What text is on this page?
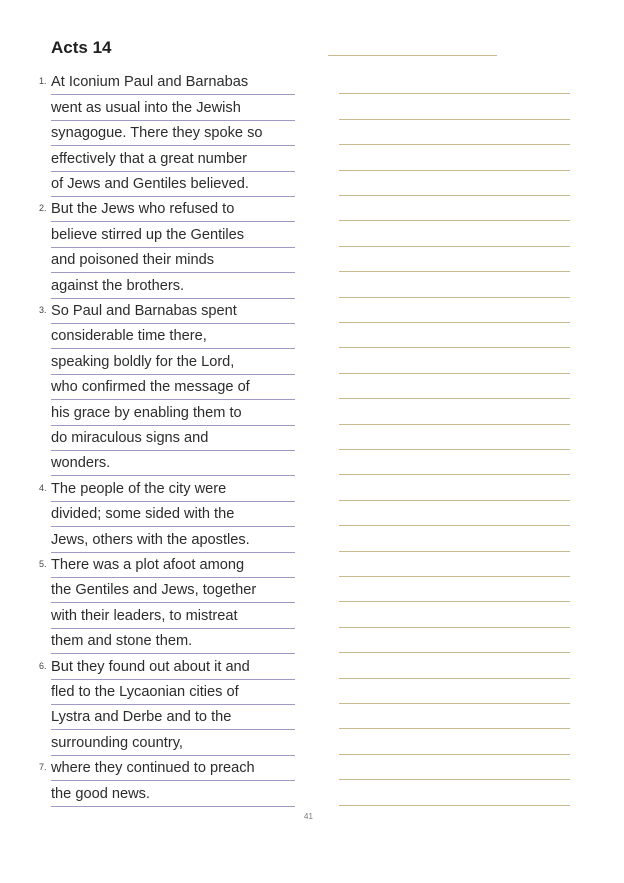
Acts 14
1. At Iconium Paul and Barnabas
went as usual into the Jewish
synagogue. There they spoke so
effectively that a great number
of Jews and Gentiles believed.
2. But the Jews who refused to
believe stirred up the Gentiles
and poisoned their minds
against the brothers.
3. So Paul and Barnabas spent
considerable time there,
speaking boldly for the Lord,
who confirmed the message of
his grace by enabling them to
do miraculous signs and
wonders.
4. The people of the city were
divided; some sided with the
Jews, others with the apostles.
5. There was a plot afoot among
the Gentiles and Jews, together
with their leaders, to mistreat
them and stone them.
6. But they found out about it and
fled to the Lycaonian cities of
Lystra and Derbe and to the
surrounding country,
7. where they continued to preach
the good news.
41
